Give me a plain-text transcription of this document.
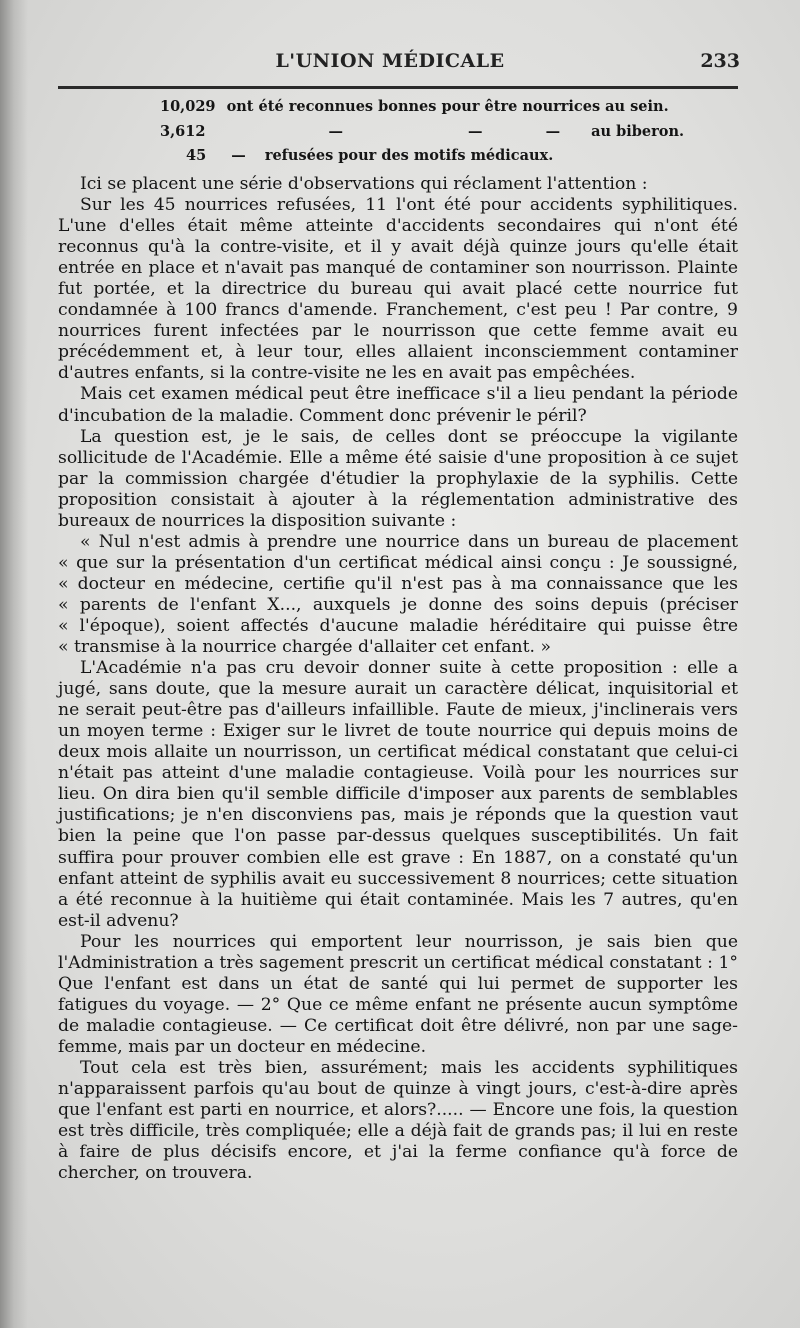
L'UNION MÉDICALE	233
10,029 ont été reconnues bonnes pour être nourrices au sein.
3,612	—	—	— au biberon.
45 — refusées pour des motifs médicaux.

Ici se placent une série d'observations qui réclament l'attention :

Sur les 45 nourrices refusées, 11 l'ont été pour accidents syphilitiques. L'une d'elles était même atteinte d'accidents secondaires qui n'ont été reconnus qu'à la contre-visite, et il y avait déjà quinze jours qu'elle était entrée en place et n'avait pas manqué de contaminer son nourrisson. Plainte fut portée, et la directrice du bureau qui avait placé cette nourrice fut condamnée à 100 francs d'amende. Franchement, c'est peu ! Par contre, 9 nourrices furent infectées par le nourrisson que cette femme avait eu précédemment et, à leur tour, elles allaient inconsciemment contaminer d'autres enfants, si la contre-visite ne les en avait pas empêchées.

Mais cet examen médical peut être inefficace s'il a lieu pendant la période d'incubation de la maladie. Comment donc prévenir le péril?

La question est, je le sais, de celles dont se préoccupe la vigilante sollicitude de l'Académie. Elle a même été saisie d'une proposition à ce sujet par la commission chargée d'étudier la prophylaxie de la syphilis. Cette proposition consistait à ajouter à la réglementation administrative des bureaux de nourrices la disposition suivante :

« Nul n'est admis à prendre une nourrice dans un bureau de placement

« que sur la présentation d'un certificat médical ainsi conçu : Je soussigné,

« docteur en médecine, certifie qu'il n'est pas à ma connaissance que les

« parents de l'enfant X..., auxquels je donne des soins depuis (préciser

« l'époque), soient affectés d'aucune maladie héréditaire qui puisse être

« transmise à la nourrice chargée d'allaiter cet enfant. »

L'Académie n'a pas cru devoir donner suite à cette proposition : elle a jugé, sans doute, que la mesure aurait un caractère délicat, inquisitorial et ne serait peut-être pas d'ailleurs infaillible. Faute de mieux, j'inclinerais vers un moyen terme : Exiger sur le livret de toute nourrice qui depuis moins de deux mois allaite un nourrisson, un certificat médical constatant que celui-ci n'était pas atteint d'une maladie contagieuse. Voilà pour les nourrices sur lieu. On dira bien qu'il semble difficile d'imposer aux parents de semblables justifications; je n'en disconviens pas, mais je réponds que la question vaut bien la peine que l'on passe par-dessus quelques susceptibilités. Un fait suffira pour prouver combien elle est grave : En 1887, on a constaté qu'un enfant atteint de syphilis avait eu successivement 8 nourrices; cette situation a été reconnue à la huitième qui était contaminée. Mais les 7 autres, qu'en est-il advenu?

Pour les nourrices qui emportent leur nourrisson, je sais bien que l'Administration a très sagement prescrit un certificat médical constatant : 1° Que l'enfant est dans un état de santé qui lui permet de supporter les fatigues du voyage. — 2° Que ce même enfant ne présente aucun symptôme de maladie contagieuse. — Ce certificat doit être délivré, non par une sage-femme, mais par un docteur en médecine.

Tout cela est très bien, assurément; mais les accidents syphilitiques n'apparaissent parfois qu'au bout de quinze à vingt jours, c'est-à-dire après que l'enfant est parti en nourrice, et alors?..... — Encore une fois, la question est très difficile, très compliquée; elle a déjà fait de grands pas; il lui en reste à faire de plus décisifs encore, et j'ai la ferme confiance qu'à force de chercher, on trouvera.
